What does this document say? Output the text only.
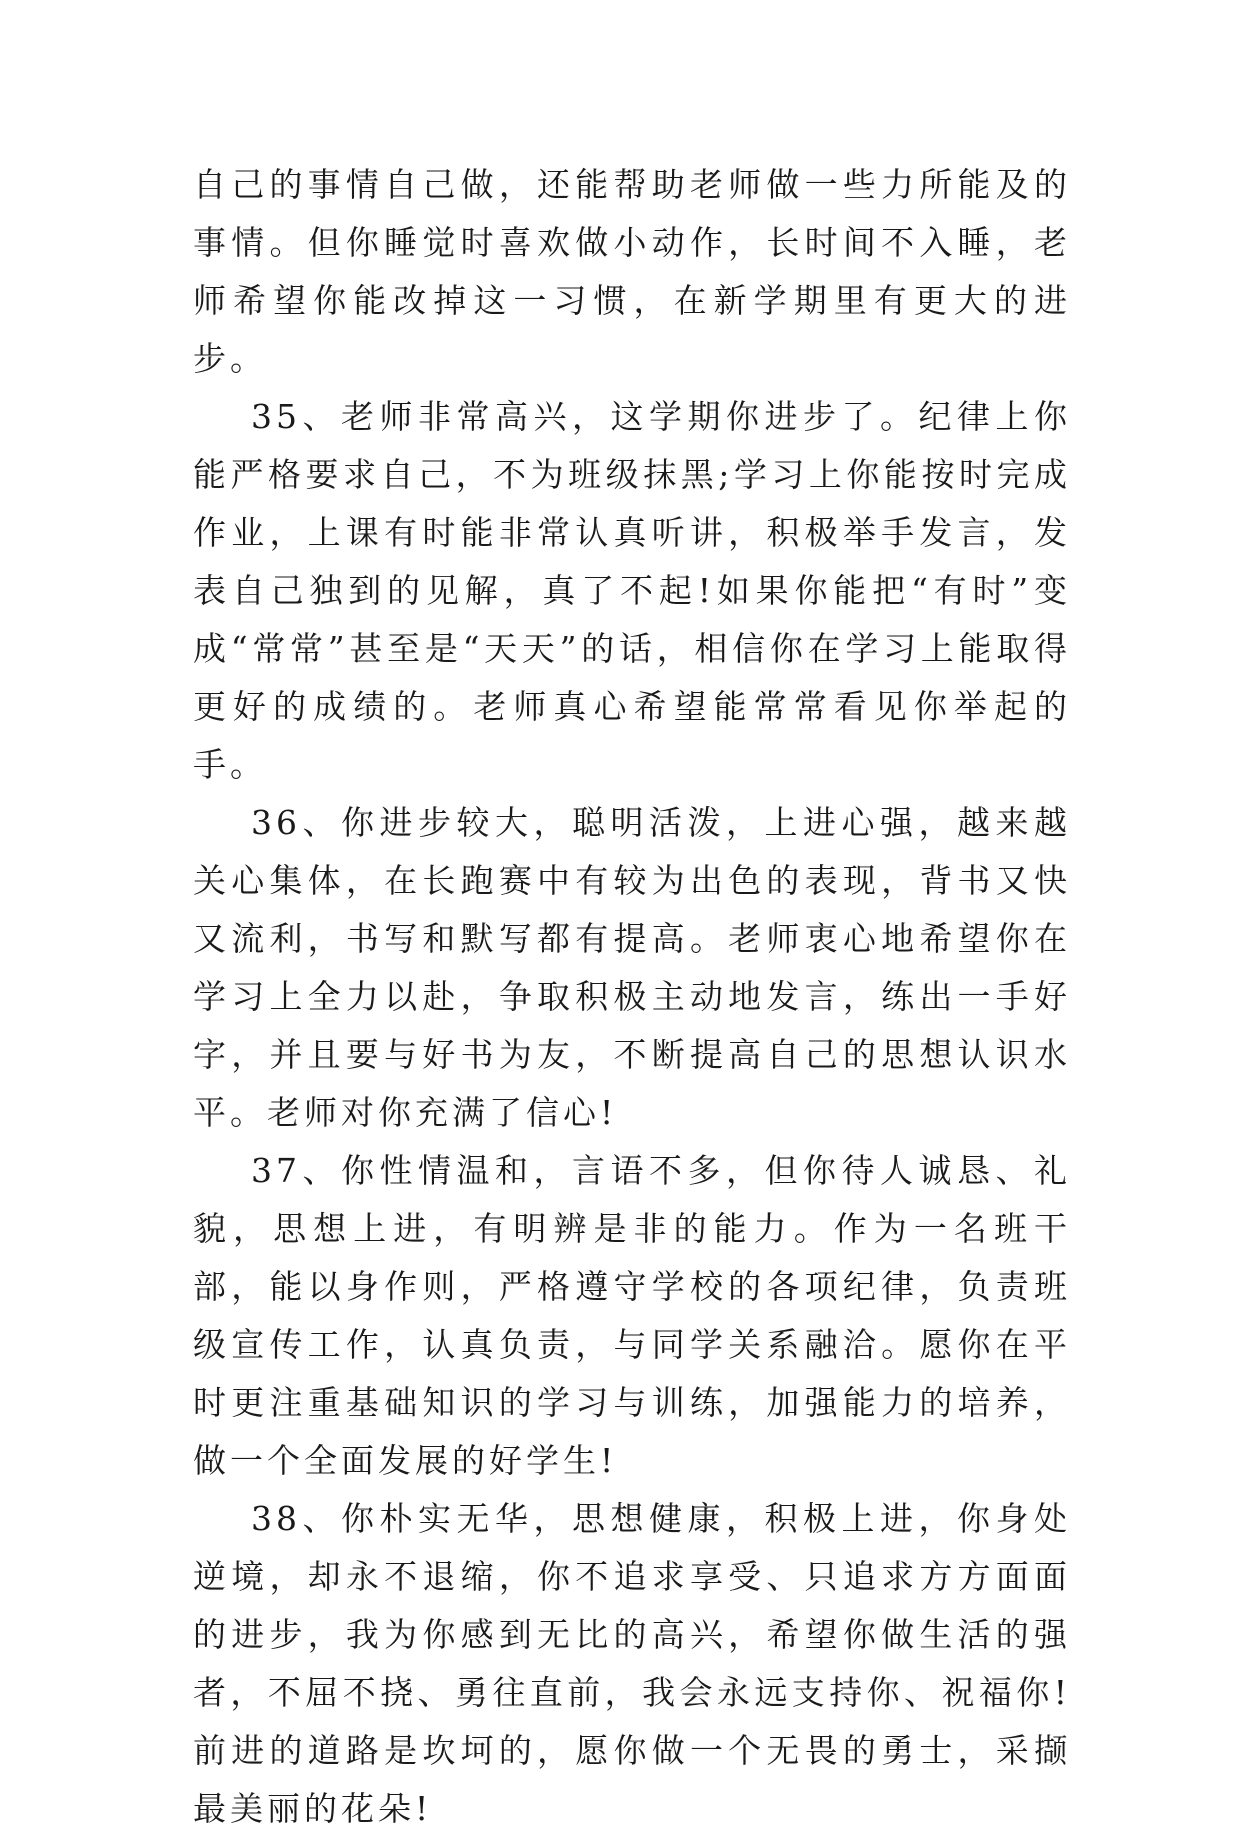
自己的事情自己做，还能帮助老师做一些力所能及的事情。但你睡觉时喜欢做小动作，长时间不入睡，老师希望你能改掉这一习惯，在新学期里有更大的进步。

35、老师非常高兴，这学期你进步了。纪律上你能严格要求自己，不为班级抹黑;学习上你能按时完成作业，上课有时能非常认真听讲，积极举手发言，发表自己独到的见解，真了不起!如果你能把“有时”变成“常常”甚至是“天天”的话，相信你在学习上能取得更好的成绩的。老师真心希望能常常看见你举起的手。

36、你进步较大，聪明活泼，上进心强，越来越关心集体，在长跑赛中有较为出色的表现，背书又快又流利，书写和默写都有提高。老师衷心地希望你在学习上全力以赴，争取积极主动地发言，练出一手好字，并且要与好书为友，不断提高自己的思想认识水平。老师对你充满了信心!

37、你性情温和，言语不多，但你待人诚恳、礼貌，思想上进，有明辨是非的能力。作为一名班干部，能以身作则，严格遵守学校的各项纪律，负责班级宣传工作，认真负责，与同学关系融洽。愿你在平时更注重基础知识的学习与训练，加强能力的培养，做一个全面发展的好学生!

38、你朴实无华，思想健康，积极上进，你身处逆境，却永不退缩，你不追求享受、只追求方方面面的进步，我为你感到无比的高兴，希望你做生活的强者，不屈不挠、勇往直前，我会永远支持你、祝福你!前进的道路是坎坷的，愿你做一个无畏的勇士，采撷最美丽的花朵!
